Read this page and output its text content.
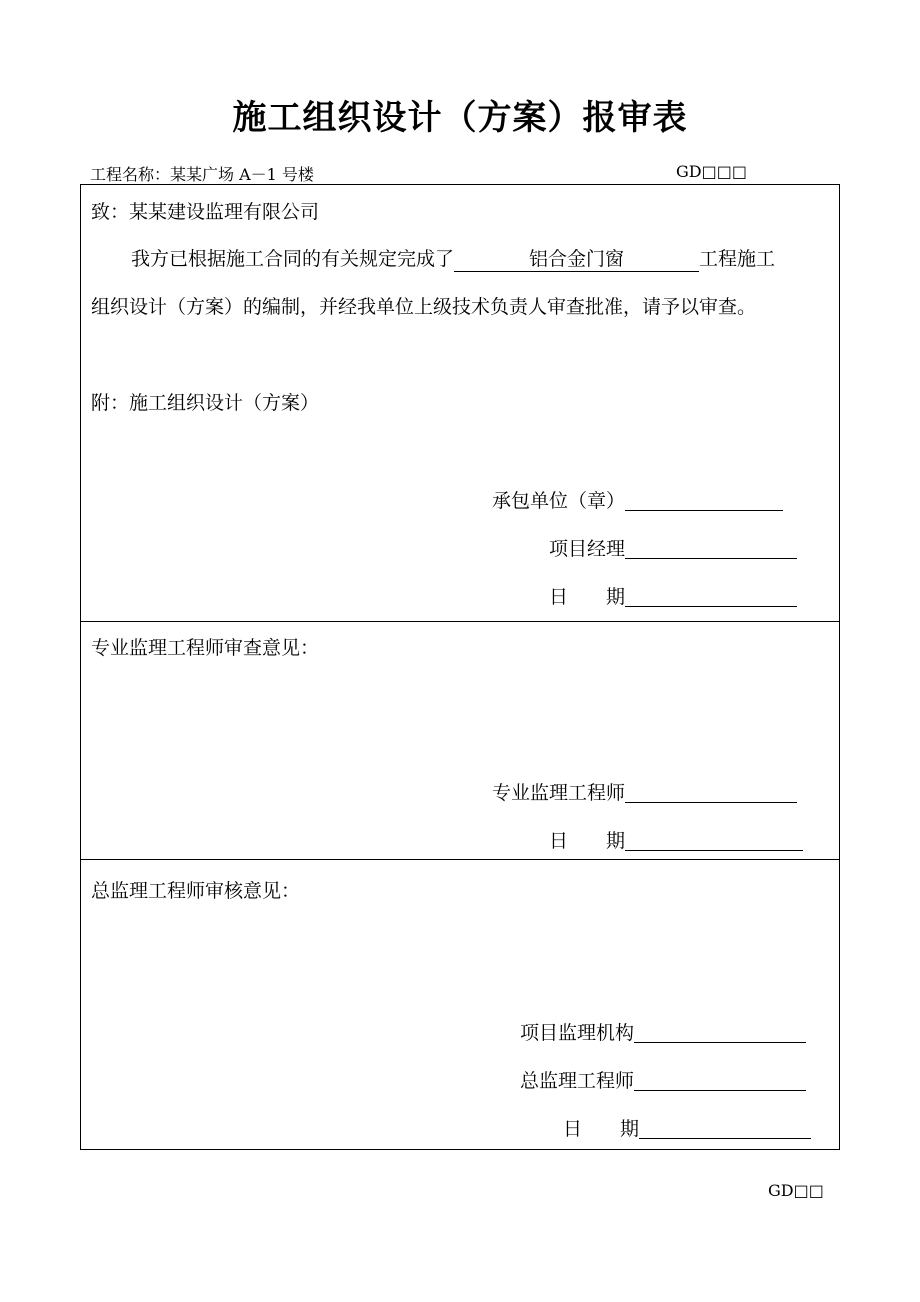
施工组织设计（方案）报审表
工程名称：某某广场 A－1 号楼	GD□□□
致：某某建设监理有限公司
我方已根据施工合同的有关规定完成了	铝合金门窗	工程施工
组织设计（方案）的编制，并经我单位上级技术负责人审查批准，请予以审查。
附：施工组织设计（方案）
承包单位（章）
项目经理
日 期
专业监理工程师审查意见：
专业监理工程师
日 期
总监理工程师审核意见：
项目监理机构
总监理工程师
日 期
GD□□
